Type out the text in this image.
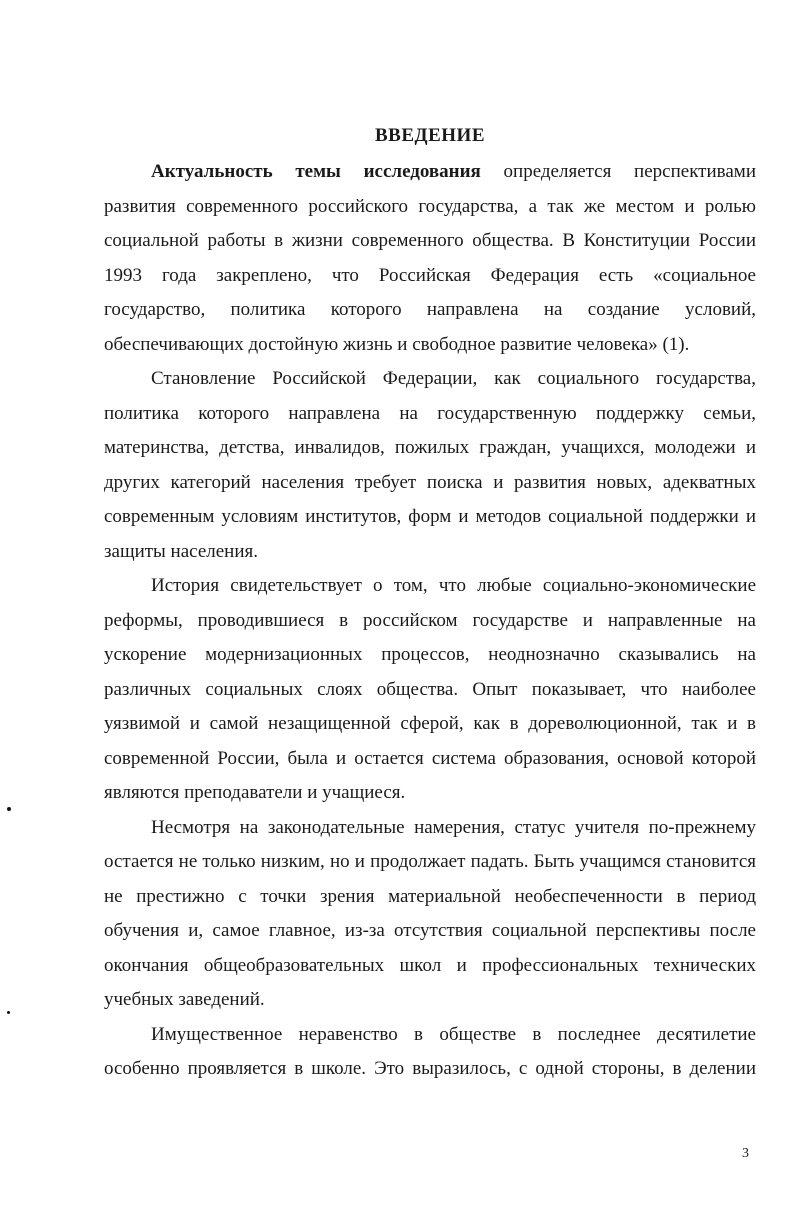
ВВЕДЕНИЕ
Актуальность темы исследования определяется перспективами
развития современного российского государства, а так же местом и ролью
социальной работы в жизни современного общества. В Конституции России
1993 года закреплено, что Российская Федерация есть «социальное
государство, политика которого направлена на создание условий,
обеспечивающих достойную жизнь и свободное развитие человека» (1).
Становление Российской Федерации, как социального государства,
политика которого направлена на государственную поддержку семьи,
материнства, детства, инвалидов, пожилых граждан, учащихся, молодежи и
других категорий населения требует поиска и развития новых, адекватных
современным условиям институтов, форм и методов социальной поддержки и
защиты населения.
История свидетельствует о том, что любые социально-экономические
реформы, проводившиеся в российском государстве и направленные на
ускорение модернизационных процессов, неоднозначно сказывались на
различных социальных слоях общества. Опыт показывает, что наиболее
уязвимой и самой незащищенной сферой, как в дореволюционной, так и в
современной России, была и остается система образования, основой которой
являются преподаватели и учащиеся.
Несмотря на законодательные намерения, статус учителя по-прежнему
остается не только низким, но и продолжает падать. Быть учащимся становится
не престижно с точки зрения материальной необеспеченности в период
обучения и, самое главное, из-за отсутствия социальной перспективы после
окончания общеобразовательных школ и профессиональных технических
учебных заведений.
Имущественное неравенство в обществе в последнее десятилетие
особенно проявляется в школе. Это выразилось, с одной стороны, в делении
3
